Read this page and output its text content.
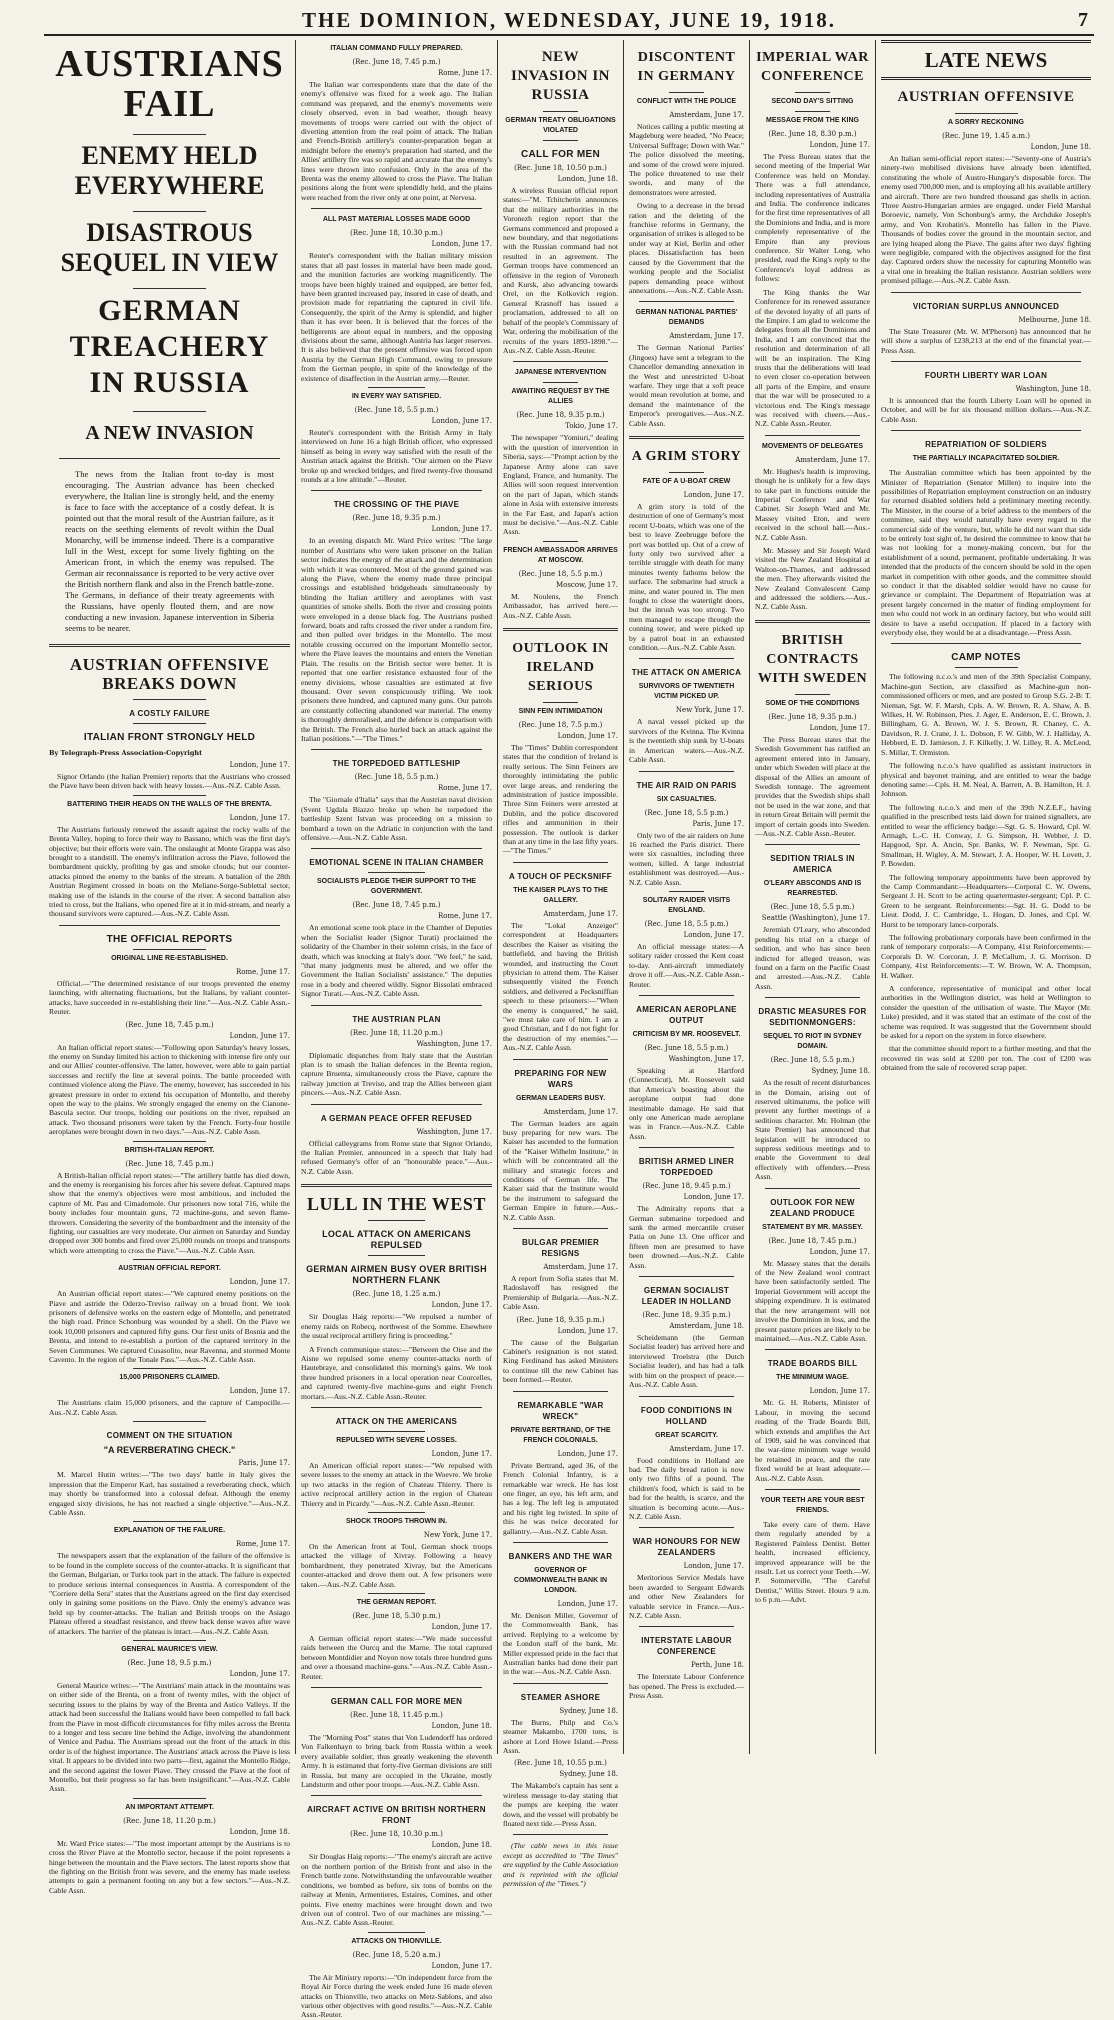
THE DOMINION, WEDNESDAY, JUNE 19, 1918.	7
AUSTRIANS FAIL
ENEMY HELD EVERYWHERE
DISASTROUS SEQUEL IN VIEW
GERMAN TREACHERY IN RUSSIA
A NEW INVASION

The news from the Italian front to-day is most encouraging. The Austrian advance has been checked everywhere, the Italian line is strongly held, and the enemy is face to face with the acceptance of a costly defeat. It is pointed out that the moral result of the Austrian failure, as it reacts on the seething elements of revolt within the Dual Monarchy, will be immense indeed. There is a comparative lull in the West, except for some lively fighting on the American front, in which the enemy was repulsed. The German air reconnaissance is reported to be very active over the British northern flank and also in the French battle-zone. The Germans, in defiance of their treaty agreements with the Russians, have openly flouted them, and are now conducting a new invasion. Japanese intervention in Siberia seems to be nearer.

AUSTRIAN OFFENSIVE BREAKS DOWN
A COSTLY FAILURE
ITALIAN FRONT STRONGLY HELD
By Telegraph-Press Association-Copyright
London, June 17.

Signor Orlando (the Italian Premier) reports that the Austrians who crossed the Piave have been driven back with heavy losses.—Aus.-N.Z. Cable Assn.

BATTERING THEIR HEADS ON THE WALLS OF THE BRENTA.
London, June 17.

The Austrians furiously renewed the assault against the rocky walls of the Brenta Valley, hoping to force their way to Bassano, which was the first day's objective; but their efforts were vain. The onslaught at Monte Grappa was also brought to a standstill. The enemy's infiltration across the Piave, followed the bombardment quickly, profiting by gas and smoke clouds; but our counter-attacks pinned the enemy to the banks of the stream. A battalion of the 28th Austrian Regiment crossed in boats on the Meliane-Sorge-Sublettal sector, making use of the islands in the course of the river. A second battalion also tried to cross, but the Italians, who opened fire at it in mid-stream, and nearly a thousand survivors were captured.—Aus.-N.Z. Cable Assn.

THE OFFICIAL REPORTS
ORIGINAL LINE RE-ESTABLISHED.
Rome, June 17.

Official.—"The determined resistance of our troops prevented the enemy launching, with alternating fluctuations, but the Italians, by valiant counter-attacks, have succeeded in re-establishing their line."—Aus.-N.Z. Cable Assn.-Reuter.

(Rec. June 18, 7.45 p.m.)
London, June 17.

An Italian official report states:—"Following upon Saturday's heavy losses, the enemy on Sunday limited his action to thickening with intense fire only our and our Allies' counter-offensive. The latter, however, were able to gain partial successes and rectify the line at several points. The battle proceeded with continued violence along the Piave. The enemy, however, has succeeded in his greatest pressure in order to extend his occupation of Montello, and thereby open the way to the plains. We strongly engaged the enemy on the Cianone-Bascula sector. Our troops, holding our positions on the river, repulsed an attack. Two thousand prisoners were taken by the French. Forty-four hostile aeroplanes were brought down in two days."—Aus.-N.Z. Cable Assn.

BRITISH-ITALIAN REPORT.
(Rec. June 18, 7.45 p.m.)

A British-Italian official report states:—"The artillery battle has died down, and the enemy is reorganising his forces after his severe defeat. Captured maps show that the enemy's objectives were most ambitious, and included the capture of Mt. Pau and Cimadomole. Our prisoners now total 716, while the booty includes four mountain guns, 72 machine-guns, and seven flame-throwers. Considering the severity of the bombardment and the intensity of the fighting, our casualties are very moderate. Our airmen on Saturday and Sunday dropped over 300 bombs and fired over 25,000 rounds on troops and transports which were attempting to cross the Piave."—Aus.-N.Z. Cable Assn.

AUSTRIAN OFFICIAL REPORT.
London, June 17.

An Austrian official report states:—"We captured enemy positions on the Piave and astride the Oderzo-Treviso railway on a broad front. We took prisoners of defensive works on the eastern edge of Montello, and penetrated the high road. Prince Schonburg was wounded by a shell. On the Piave we took 10,000 prisoners and captured fifty guns. Our first units of Bosnia and the Brenta, and intend to re-establish a portion of the captured territory in the Seven Communes. We captured Cusasolito, near Ravenna, and stormed Monte Cavento. In the region of the Tonale Pass."—Aus.-N.Z. Cable Assn.

15,000 PRISONERS CLAIMED.
London, June 17.

The Austrians claim 15,000 prisoners, and the capture of Campocille.—Aus.-N.Z. Cable Assn.

COMMENT ON THE SITUATION
"A REVERBERATING CHECK."
Paris, June 17.

M. Marcel Hutin writes:—"The two days' battle in Italy gives the impression that the Emperor Karl, has sustained a reverberating check, which may shortly be transformed into a colossal defeat. Although the enemy engaged sixty divisions, he has not reached a single objective."—Aus.-N.Z. Cable Assn.

EXPLANATION OF THE FAILURE.
Rome, June 17.

The newspapers assert that the explanation of the failure of the offensive is to be found in the complete success of the counter-attacks. It is significant that the German, Bulgarian, or Turks took part in the attack. The failure is expected to produce serious internal consequences in Austria. A correspondent of the "Corriere della Sera" states that the Austrians agreed on the first day exercised only in gaining some positions on the Piave. Only the enemy's advance was held up by counter-attacks. The Italian and British troops on the Asiago Plateau offered a steadfast resistance, and threw back dense waves after wave of attackers. The barrier of the plateau is intact.—Aus.-N.Z. Cable Assn.

GENERAL MAURICE'S VIEW.
(Rec. June 18, 9.5 p.m.)
London, June 17.

General Maurice writes:—"The Austrians' main attack in the mountains was on either side of the Brenta, on a front of twenty miles, with the object of securing issues to the plains by way of the Brenta and Astico Valleys. If the attack had been successful the Italians would have been compelled to fall back from the Piave in most difficult circumstances for fifty miles across the Brenta to a longer and less secure line behind the Adige, involving the abandonment of Venice and Padua. The Austrians spread out the front of the attack in this order is of the highest importance. The Austrians' attack across the Piave is less vital. It appears to be divided into two parts—first, against the Montello Ridge, and the second against the lower Piave. They crossed the Piave at the foot of Montello, but their progress so far has been insignificant."—Aus.-N.Z. Cable Assn.

AN IMPORTANT ATTEMPT.
(Rec. June 18, 11.20 p.m.)
London, June 18.

Mr. Ward Price states:—"The most important attempt by the Austrians is to cross the River Piave at the Montello sector, because if the point represents a hinge between the mountain and the Piave sectors. The latest reports show that the fighting on the British front was severe, and the enemy has made useless attempts to gain a permanent footing on any but a few sectors."—Aus.-N.Z. Cable Assn.

ITALIAN COMMAND FULLY PREPARED.
(Rec. June 18, 7.45 p.m.)
Rome, June 17.

The Italian war correspondents state that the date of the enemy's offensive was fixed for a week ago. The Italian command was prepared, and the enemy's movements were closely observed, even in bad weather, though heavy movements of troops were carried out with the object of diverting attention from the real point of attack. The Italian and French-British artillery's counter-preparation began at midnight before the enemy's preparation had started, and the Allies' artillery fire was so rapid and accurate that the enemy's lines were thrown into confusion. Only in the area of the Brenta was the enemy allowed to cross the Piave. The Italian positions along the front were splendidly held, and the plains were reached from the river only at one point, at Nervesa.

ALL PAST MATERIAL LOSSES MADE GOOD
(Rec. June 18, 10.30 p.m.)
London, June 17.

Reuter's correspondent with the Italian military mission states that all past losses in material have been made good, and the munition factories are working magnificently. The troops have been highly trained and equipped, are better fed, have been granted increased pay, insured in case of death, and provision made for repatriating the captured in civil life. Consequently, the spirit of the Army is splendid, and higher than it has ever been. It is believed that the forces of the belligerents are about equal in numbers, and the opposing divisions about the same, although Austria has larger reserves. It is also believed that the present offensive was forced upon Austria by the German High Command, owing to pressure from the German people, in spite of the knowledge of the existence of disaffection in the Austrian army.—Reuter.

IN EVERY WAY SATISFIED.
(Rec. June 18, 5.5 p.m.)
London, June 17.

Reuter's correspondent with the British Army in Italy interviewed on June 16 a high British officer, who expressed himself as being in every way satisfied with the result of the Austrian attack against the British. "Our airmen on the Piave broke up and wrecked bridges, and fired twenty-five thousand rounds at a low altitude."—Reuter.

THE CROSSING OF THE PIAVE
(Rec. June 18, 9.35 p.m.)
London, June 17.

In an evening dispatch Mr. Ward Price writes: "The large number of Austrians who were taken prisoner on the Italian sector indicates the energy of the attack and the determination with which it was countered. Most of the ground gained was along the Piave, where the enemy made three principal crossings and established bridgeheads simultaneously by blinding the Italian artillery and aeroplanes with vast quantities of smoke shells. Both the river and crossing points were enveloped in a dense black fog. The Austrians pushed forward, boats and rafts crossed the river under a random fire, and then pulled over bridges in the Montello. The most notable crossing occurred on the important Montello sector, where the Piave leaves the mountains and enters the Venetian Plain. The results on the British sector were better. It is reported that one earlier resistance exhausted four of the enemy divisions, whose casualties are estimated at five thousand. Over seven conspicuously trifling. We took prisoners three hundred, and captured many guns. Our patrols are constantly collecting abandoned war material. The enemy is thoroughly demoralised, and the defence is comparison with the British. The French also hurled back an attack against the Italian positions."—"The Times."

THE TORPEDOED BATTLESHIP
(Rec. June 18, 5.5 p.m.)
Rome, June 17.

The "Giornale d'Italia" says that the Austrian naval division (Svent Ugdala Biazzo broke up when he torpedoed the battleship Szent Istvan was proceeding on a mission to bombard a town on the Adriatic in conjunction with the land offensive.—Aus.-N.Z. Cable Assn.

EMOTIONAL SCENE IN ITALIAN CHAMBER
SOCIALISTS PLEDGE THEIR SUPPORT TO THE GOVERNMENT.
(Rec. June 18, 7.45 p.m.)
Rome, June 17.

An emotional scene took place in the Chamber of Deputies when the Socialist leader (Signor Turati) proclaimed the solidarity of the Chamber in their solemn crisis, in the face of death, which was knocking at Italy's door. "We feel," he said, "that many judgments must be altered, and we offer the Government the Italian Socialists' assistance." The deputies rose in a body and cheered wildly. Signor Bissolati embraced Signor Turati.—Aus.-N.Z. Cable Assn.

THE AUSTRIAN PLAN
(Rec. June 18, 11.20 p.m.)
Washington, June 17.

Diplomatic dispatches from Italy state that the Austrian plan is to smash the Italian defences in the Brenta region, capture Bruenta, simultaneously cross the Piave, capture the railway junction at Treviso, and trap the Allies between giant pincers.—Aus.-N.Z. Cable Assn.

A GERMAN PEACE OFFER REFUSED
Washington, June 17.

Official calleygrams from Rome state that Signor Orlando, the Italian Premier, announced in a speech that Italy had refused Germany's offer of an "honourable peace."—Aus.-N.Z. Cable Assn.

LULL IN THE WEST
LOCAL ATTACK ON AMERICANS REPULSED
GERMAN AIRMEN BUSY OVER BRITISH NORTHERN FLANK
(Rec. June 18, 1.25 a.m.)
London, June 17.

Sir Douglas Haig reports:—"We repulsed a number of enemy raids on Robecq, northwest of the Somme. Elsewhere the usual reciprocal artillery firing is proceeding."

A French communique states:—"Between the Oise and the Aisne we repulsed some enemy counter-attacks north of Hautebraye, and consolidated this morning's gains. We took three hundred prisoners in a local operation near Courcelles, and captured twenty-five machine-guns and eight French mortars.—Aus.-N.Z. Cable Assn.-Reuter.

ATTACK ON THE AMERICANS
REPULSED WITH SEVERE LOSSES.
London, June 17.

An American official report states:—"We repulsed with severe losses to the enemy an attack in the Woevre. We broke up two attacks in the region of Chateau Thierry. There is active reciprocal artillery action in the region of Chateau Thierry and in Picardy."—Aus.-N.Z. Cable Assn.-Reuter.

SHOCK TROOPS THROWN IN.
New York, June 17.

On the American front at Toul, German shock troops attacked the village of Xivray. Following a heavy bombardment, they penetrated Xivray, but the Americans counter-attacked and drove them out. A few prisoners were taken.—Aus.-N.Z. Cable Assn.

THE GERMAN REPORT.
(Rec. June 18, 5.30 p.m.)
London, June 17.

A German official report states:—"We made successful raids between the Ourcq and the Marne. The total captured between Montdidier and Noyon now totals three hundred guns and over a thousand machine-guns."—Aus.-N.Z. Cable Assn.-Reuter.

GERMAN CALL FOR MORE MEN
(Rec. June 18, 11.45 p.m.)
London, June 18.

The "Morning Post" states that Von Ludendorff has ordered Von Falkenhayn to bring back from Russia within a week every available soldier, thus greatly weakening the eleventh Army. It is estimated that forty-five German divisions are still in Russia, but many are occupied in the Ukraine, mostly Landsturm and other poor troops.—Aus.-N.Z. Cable Assn.

AIRCRAFT ACTIVE ON BRITISH NORTHERN FRONT
(Rec. June 18, 10.30 p.m.)
London, June 18.

Sir Douglas Haig reports:—"The enemy's aircraft are active on the northern portion of the British front and also in the French battle zone. Notwithstanding the unfavourable weather conditions, we bombed as before, six tons of bombs on the railway at Menin, Armentieres, Estaires, Comines, and other points. Five enemy machines were brought down and two driven out of control. Two of our machines are missing."—Aus.-N.Z. Cable Assn.-Reuter.

ATTACKS ON THIONVILLE.
(Rec. June 18, 5.20 a.m.)
London, June 17.

The Air Ministry reports:—"On independent force from the Royal Air Force during the week ended June 16 made eleven attacks on Thionville, two attacks on Metz-Sablons, and also various other objectives with good results."—Aus.-N.Z. Cable Assn.-Reuter.

NEW INVASION IN RUSSIA
GERMAN TREATY OBLIGATIONS VIOLATED
CALL FOR MEN
(Rec. June 18, 10.50 p.m.)
London, June 18.

A wireless Russian official report states:—"M. Tchitcherin announces that the military authorities in the Voronezh region report that the Germans commenced and proposed a new boundary, and that negotiations with the Russian command had not resulted in an agreement. The German troops have commenced an offensive in the region of Voronezh and Kursk, also advancing towards Orel, on the Kolkovich region. General Krasnoff has issued a proclamation, addressed to all on behalf of the people's Commissary of War, ordering the mobilisation of the recruits of the years 1893-1898."—Aus.-N.Z. Cable Assn.-Reuter.

JAPANESE INTERVENTION
AWAITING REQUEST BY THE ALLIES
(Rec. June 18, 9.35 p.m.)
Tokio, June 17.

The newspaper "Yomiuri," dealing with the question of intervention in Siberia, says:—"Prompt action by the Japanese Army alone can save England, France, and humanity. The Allies will soon request intervention on the part of Japan, which stands alone in Asia with extensive interests in the Far East, and Japan's action must be decisive."—Aus.-N.Z. Cable Assn.

FRENCH AMBASSADOR ARRIVES AT MOSCOW.
(Rec. June 18, 5.5 p.m.)
Moscow, June 17.

M. Noulens, the French Ambassador, has arrived here.—Aus.-N.Z. Cable Assn.

OUTLOOK IN IRELAND SERIOUS
SINN FEIN INTIMIDATION
(Rec. June 18, 7.5 p.m.)
London, June 17.

The "Times" Dublin correspondent states that the condition of Ireland is really serious. The Sinn Feiners are thoroughly intimidating the public over large areas, and rendering the administration of justice impossible. Three Sinn Feiners were arrested at Dublin, and the police discovered rifles and ammunition in their possession. The outlook is darker than at any time in the last fifty years.—"The Times."

A TOUCH OF PECKSNIFF
THE KAISER PLAYS TO THE GALLERY.
Amsterdam, June 17.

The "Lokal Anzeiger" correspondent at Headquarters describes the Kaiser as visiting the battlefield, and having the British wounded, and instructing the Court physician to attend them. The Kaiser subsequently visited the French soldiers, and delivered a Pecksniffian speech to these prisoners:—"When the enemy is conquered," he said, "we must take care of him. I am a good Christian, and I do not fight for the destruction of my enemies."—Aus.-N.Z. Cable Assn.

PREPARING FOR NEW WARS
GERMAN LEADERS BUSY.
Amsterdam, June 17.

The German leaders are again busy preparing for new wars. The Kaiser has ascended to the formation of the "Kaiser Wilhelm Institute," in which will be concentrated all the military and strategic forces and conditions of German life. The Kaiser said that the Institute would be the instrument to safeguard the German Empire in future.—Aus.-N.Z. Cable Assn.

BULGAR PREMIER RESIGNS
Amsterdam, June 17.

A report from Sofia states that M. Radoslavoff has resigned the Premiership of Bulgaria.—Aus.-N.Z. Cable Assn.

(Rec. June 18, 9.35 p.m.)
London, June 17.

The cause of the Bulgarian Cabinet's resignation is not stated. King Ferdinand has asked Ministers to continue till the new Cabinet has been formed.—Reuter.

REMARKABLE "WAR WRECK"
PRIVATE BERTRAND, OF THE FRENCH COLONIALS.
London, June 17.

Private Bertrand, aged 36, of the French Colonial Infantry, is a remarkable war wreck. He has lost one finger, an eye, his left arm, and has a leg. The left leg is amputated and his right leg twisted. In spite of this he was twice decorated for gallantry.—Aus.-N.Z. Cable Assn.

BANKERS AND THE WAR
GOVERNOR OF COMMONWEALTH BANK IN LONDON.
London, June 17.

Mr. Denison Miller, Governor of the Commonwealth Bank, has arrived. Replying to a welcome by the London staff of the bank, Mr. Miller expressed pride in the fact that Australian banks had done their part in the war.—Aus.-N.Z. Cable Assn.

STEAMER ASHORE
Sydney, June 18.

The Burns, Philp and Co.'s steamer Makambo, 1700 tons, is ashore at Lord Howe Island.—Press Assn.

(Rec. June 18, 10.55 p.m.)
Sydney, June 18.

The Makambo's captain has sent a wireless message to-day stating that the pumps are keeping the water down, and the vessel will probably be floated next tide.—Press Assn.

(The cable news in this issue except as accredited to "The Times" are supplied by the Cable Association and is reprinted with the official permission of the "Times.")

DISCONTENT IN GERMANY
CONFLICT WITH THE POLICE
Amsterdam, June 17.

Notices calling a public meeting at Magdeburg were headed, "No Peace; Universal Suffrage; Down with War." The police dissolved the meeting, and some of the crowd were injured. The police threatened to use their swords, and many of the demonstrators were arrested.

Owing to a decrease in the bread ration and the deleting of the franchise reforms in Germany, the organisation of strikes is alleged to be under way at Kiel, Berlin and other places. Dissatisfaction has been caused by the Government that the working people and the Socialist papers demanding peace without annexations.—Aus.-N.Z. Cable Assn.

GERMAN NATIONAL PARTIES' DEMANDS
Amsterdam, June 17.

The German National Parties' (Jingoes) have sent a telegram to the Chancellor demanding annexation in the West and unrestricted U-boat warfare. They urge that a soft peace would mean revolution at home, and demand the maintenance of the Emperor's prerogatives.—Aus.-N.Z. Cable Assn.

A GRIM STORY
FATE OF A U-BOAT CREW
London, June 17.

A grim story is told of the destruction of one of Germany's most recent U-boats, which was one of the best to leave Zeebrugge before the port was bottled up. Out of a crew of forty only two survived after a terrible struggle with death for many minutes twenty fathoms below the surface. The submarine had struck a mine, and water poured in. The men fought to close the watertight doors, but the inrush was too strong. Two men managed to escape through the conning tower, and were picked up by a patrol boat in an exhausted condition.—Aus.-N.Z. Cable Assn.

THE ATTACK ON AMERICA
SURVIVORS OF TWENTIETH VICTIM PICKED UP.
New York, June 17.

A naval vessel picked up the survivors of the Kvinna. The Kvinna is the twentieth ship sunk by U-boats in American waters.—Aus.-N.Z. Cable Assn.

THE AIR RAID ON PARIS
SIX CASUALTIES.
(Rec. June 18, 5.5 p.m.)
Paris, June 17.

Only two of the air raiders on June 16 reached the Paris district. There were six casualties, including three women, killed. A large industrial establishment was destroyed.—Aus.-N.Z. Cable Assn.

SOLITARY RAIDER VISITS ENGLAND.
(Rec. June 18, 5.5 p.m.)
London, June 17.

An official message states:—A solitary raider crossed the Kent coast to-day. Anti-aircraft immediately drove it off.—Aus.-N.Z. Cable Assn.-Reuter.

AMERICAN AEROPLANE OUTPUT
CRITICISM BY MR. ROOSEVELT.
(Rec. June 18, 5.5 p.m.)
Washington, June 17.

Speaking at Hartford (Connecticut), Mr. Roosevelt said that America's boasting about the aeroplane output had done inestimable damage. He said that only one American made aeroplane was in France.—Aus.-N.Z. Cable Assn.

BRITISH ARMED LINER TORPEDOED
(Rec. June 18, 9.45 p.m.)
London, June 17.

The Admiralty reports that a German submarine torpedoed and sank the armed mercantile cruiser Patia on June 13. One officer and fifteen men are presumed to have been drowned.—Aus.-N.Z. Cable Assn.

GERMAN SOCIALIST LEADER IN HOLLAND
(Rec. June 18, 9.35 p.m.)
Amsterdam, June 18.

Scheidemann (the German Socialist leader) has arrived here and interviewed Troelstra (the Dutch Socialist leader), and has had a talk with him on the prospect of peace.—Aus.-N.Z. Cable Assn.

FOOD CONDITIONS IN HOLLAND
GREAT SCARCITY.
Amsterdam, June 17.

Food conditions in Holland are bad. The daily bread ration is now only two fifths of a pound. The children's food, which is said to be bad for the health, is scarce, and the situation is becoming acute.—Aus.-N.Z. Cable Assn.

WAR HONOURS FOR NEW ZEALANDERS
London, June 17.

Meritorious Service Medals have been awarded to Sergeant Edwards and other New Zealanders for valuable service in France.—Aus.-N.Z. Cable Assn.

INTERSTATE LABOUR CONFERENCE
Perth, June 18.

The Interstate Labour Conference has opened. The Press is excluded.—Press Assn.

IMPERIAL WAR CONFERENCE
SECOND DAY'S SITTING
MESSAGE FROM THE KING
(Rec. June 18, 8.30 p.m.)
London, June 17.

The Press Bureau states that the second meeting of the Imperial War Conference was held on Monday. There was a full attendance, including representatives of Australia and India. The conference indicates for the first time representatives of all the Dominions and India, and is more completely representative of the Empire than any previous conference. Sir Walter Long, who presided, read the King's reply to the Conference's loyal address as follows:

The King thanks the War Conference for its renewed assurance of the devoted loyalty of all parts of the Empire. I am glad to welcome the delegates from all the Dominions and India, and I am convinced that the resolution and determination of all will be an inspiration. The King trusts that the deliberations will lead to even closer co-operation between all parts of the Empire, and ensure that the war will be prosecuted to a victorious end. The King's message was received with cheers.—Aus.-N.Z. Cable Assn.-Reuter.

MOVEMENTS OF DELEGATES
Amsterdam, June 17.

Mr. Hughes's health is improving, though he is unlikely for a few days to take part in functions outside the Imperial Conference and War Cabinet. Sir Joseph Ward and Mr. Massey visited Eton, and were received in the school hall.—Aus.-N.Z. Cable Assn.

Mr. Massey and Sir Joseph Ward visited the New Zealand Hospital at Walton-on-Thames, and addressed the men. They afterwards visited the New Zealand Convalescent Camp and addressed the soldiers.—Aus.-N.Z. Cable Assn.

BRITISH CONTRACTS WITH SWEDEN
SOME OF THE CONDITIONS
(Rec. June 18, 9.35 p.m.)
London, June 17.

The Press Bureau states that the Swedish Government has ratified an agreement entered into in January, under which Sweden will place at the disposal of the Allies an amount of Swedish tonnage. The agreement provides that the Swedish ships shall not be used in the war zone, and that in return Great Britain will permit the import of certain goods into Sweden.—Aus.-N.Z. Cable Assn.-Reuter.

SEDITION TRIALS IN AMERICA
O'LEARY ABSCONDS AND IS REARRESTED.
(Rec. June 18, 5.5 p.m.)
Seattle (Washington), June 17.

Jeremiah O'Leary, who absconded pending his trial on a charge of sedition, and who has since been indicted for alleged treason, was found on a farm on the Pacific Coast and arrested.—Aus.-N.Z. Cable Assn.

DRASTIC MEASURES FOR SEDITIONMONGERS:
SEQUEL TO RIOT IN SYDNEY DOMAIN.
(Rec. June 18, 5.5 p.m.)
Sydney, June 18.

As the result of recent disturbances in the Domain, arising out of reserved ultimatums, the police will prevent any further meetings of a seditious character. Mr. Holman (the State Premier) has announced that legislation will be introduced to suppress seditious meetings and to enable the Government to deal effectively with offenders.—Press Assn.

OUTLOOK FOR NEW ZEALAND PRODUCE
STATEMENT BY MR. MASSEY.
(Rec. June 18, 7.45 p.m.)
London, June 17.

Mr. Massey states that the details of the New Zealand wool contract have been satisfactorily settled. The Imperial Government will accept the shipping expenditure. It is estimated that the new arrangement will not involve the Dominion in loss, and the present pasture prices are likely to be maintained.—Aus.-N.Z. Cable Assn.

TRADE BOARDS BILL
THE MINIMUM WAGE.
London, June 17.

Mr. G. H. Roberts, Minister of Labour, in moving the second reading of the Trade Boards Bill, which extends and amplifies the Act of 1909, said he was convinced that the war-time minimum wage would be retained in peace, and the rate fixed would be at least adequate.—Aus.-N.Z. Cable Assn.

YOUR TEETH ARE YOUR BEST FRIENDS.

Take every care of them. Have them regularly attended by a Registered Painless Dentist. Better health, increased efficiency, improved appearance will be the result. Let us correct your Teeth.—W. P. Sommerville, "The Careful Dentist," Willis Street. Hours 9 a.m. to 6 p.m.—Advt.

LATE NEWS
AUSTRIAN OFFENSIVE
A SORRY RECKONING
(Rec. June 19, 1.45 a.m.)
London, June 18.

An Italian semi-official report states:—"Seventy-one of Austria's ninety-two mobilised divisions have already been identified, constituting the whole of Austro-Hungary's disposable force. The enemy used 700,000 men, and is employing all his available artillery and aircraft. There are two hundred thousand gas shells in action. Three Austro-Hungarian armies are engaged. under Field Marshal Boroevic, namely, Von Schonburg's army, the Archduke Joseph's army, and Von Krobatin's. Montello has fallen in the Piave. Thousands of bodies cover the ground in the mountain sector, and are lying heaped along the Piave. The gains after two days' fighting were negligible, compared with the objectives assigned for the first day. Captured orders show the necessity for capturing Montello was a vital one in breaking the Italian resistance. Austrian soldiers were promised pillage.—Aus.-N.Z. Cable Assn.

VICTORIAN SURPLUS ANNOUNCED
Melbourne, June 18.

The State Treasurer (Mr. W. M'Pherson) has announced that he will show a surplus of £238,213 at the end of the financial year.—Press Assn.

FOURTH LIBERTY WAR LOAN
Washington, June 18.

It is announced that the fourth Liberty Loan will be opened in October, and will be for six thousand million dollars.—Aus.-N.Z. Cable Assn.

REPATRIATION OF SOLDIERS
THE PARTIALLY INCAPACITATED SOLDIER.

The Australian committee which has been appointed by the Minister of Repatriation (Senator Millen) to inquire into the possibilities of Repatriation employment construction on an industry for returned disabled soldiers held a preliminary meeting recently. The Minister, in the course of a brief address to the members of the committee, said they would naturally have every regard to the commercial side of the venture, but, while he did not want that side to be entirely lost sight of, he desired the committee to know that he was not looking for a money-making concern, but for the establishment of a sound, permanent, profitable undertaking. It was intended that the products of the concern should be sold in the open market in competition with other goods, and the committee should so conduct it that the disabled soldier would have no cause for grievance or complaint. The Department of Repatriation was at present largely concerned in the matter of finding employment for men who could not work in an ordinary factory, but who would still desire to have a useful occupation. If placed in a factory with everybody else, they would be at a disadvantage.—Press Assn.

CAMP NOTES

The following n.c.o.'s and men of the 39th Specialist Company, Machine-gun Section, are classified as Machine-gun non-commissioned officers or men, and are posted to Group S.G. 2-B: T. Nieman, Sgt. W. F. Marsh, Cpls. A. W. Brown, R. A. Shaw, A. B. Wilkes, H. W. Robinson, Ptes. J. Ager, E. Anderson, E. C. Brown, J. Billingham, G. A. Brown, W. J. S. Brown, R. Chaney, C. A. Davidson, R. J. Crane, J. L. Dobson, F. W. Gibb, W. J. Halliday, A. Hebberd, E. D. Jamieson, J. F. Kilkelly, J. W. Lilley, R. A. McLeod, S. Millar, T. Ormiston.

The following n.c.o.'s have qualified as assistant instructors in physical and bayonet training, and are entitled to wear the badge denoting same:—Cpls. H. M. Neal, A. Barrett, A. B. Hamilton, H. J. Johnson.

The following n.c.o.'s and men of the 39th N.Z.E.F., having qualified in the prescribed tests laid down for trained signallers, are entitled to wear the efficiency badge:—Sgt. G. S. Howard, Cpl. W. Armagh, L.-C. H. Conway, J. G. Simpson, H. Webber, J. D. Hapgood, Spr. A. Ancin, Spr. Banks, W. F. Newman, Spr. G. Smallman, H. Wigley, A. M. Stewart, J. A. Hooper, W. H. Lovett, J. P. Bowden.

The following temporary appointments have been approved by the Camp Commandant:—Headquarters—Corporal C. W. Owens, Sergeant J. H. Scott to be acting quartermaster-sergeant; Cpl. P. C. Green to be sergeant. Reinforcements:—Sgt. H. G. Dodd to be Lieut. Dodd, J. C. Cambridge, L. Hogan, D. Jones, and Cpl. W. Hurst to be temporary lance-corporals.

The following probationary corporals have been confirmed in the rank of temporary corporals:—A Company, 41st Reinforcements:—Corporals D. W. Corcoran, J. P. McCallum, J. G. Morrison. D Company, 41st Reinforcements:—T. W. Brown, W. A. Thompson, H. Walker.

A conference, representative of municipal and other local authorities in the Wellington district, was held at Wellington to consider the question of the utilisation of waste. The Mayor (Mr. Luke) presided, and it was stated that an estimate of the cost of the scheme was required. It was suggested that the Government should be asked for a report on the system in force elsewhere.

that the committee should report to a further meeting, and that the recovered tin was sold at £200 per ton. The cost of £200 was obtained from the sale of recovered scrap paper.
